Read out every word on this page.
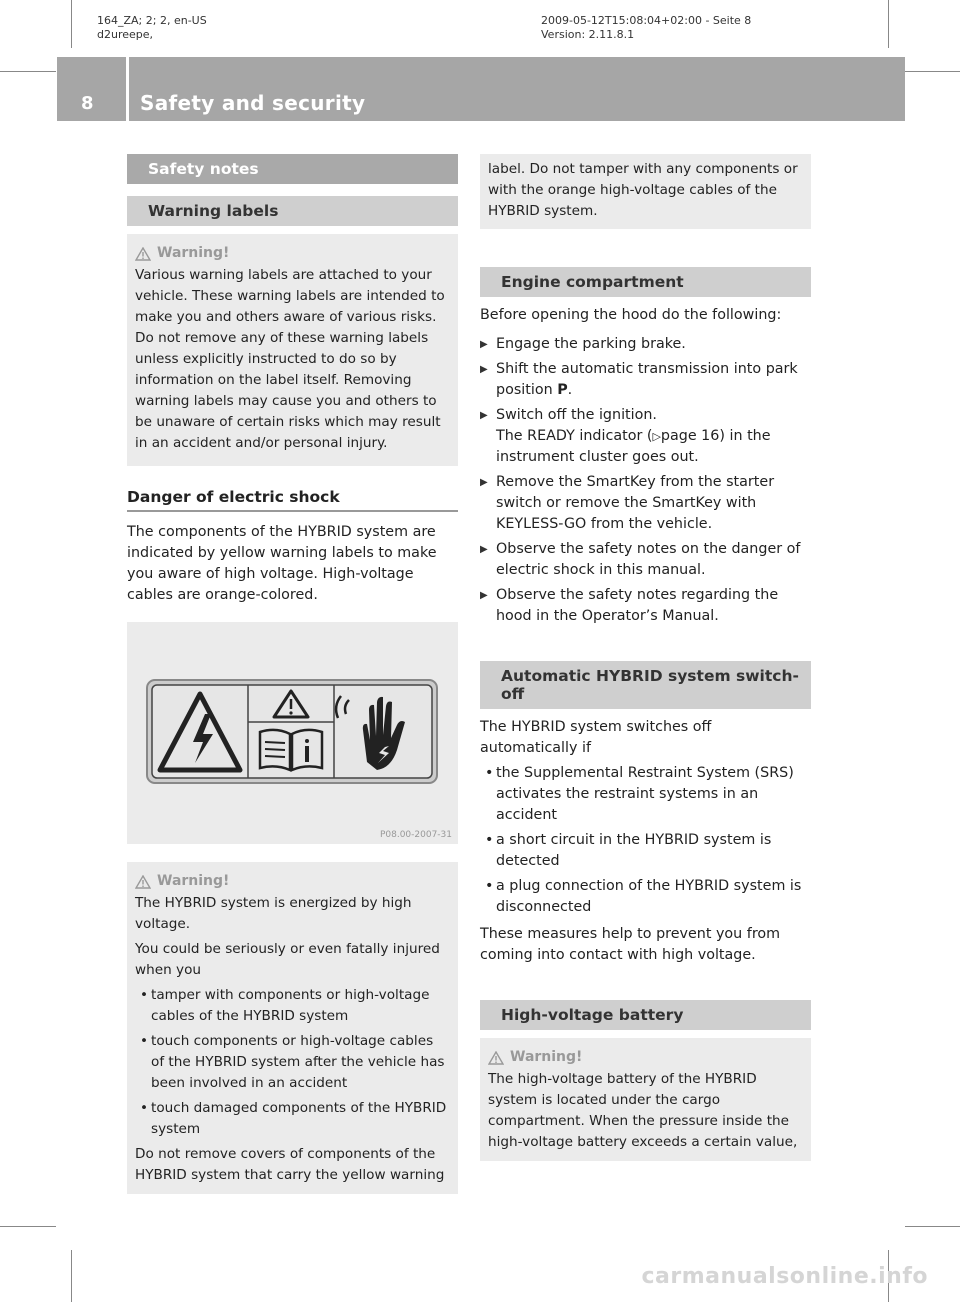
164_ZA; 2; 2, en-US
d2ureepe,
2009-05-12T15:08:04+02:00 - Seite 8
Version: 2.11.8.1
8 Safety and security
Safety notes
Warning labels
Warning!

Various warning labels are attached to your vehicle. These warning labels are intended to make you and others aware of various risks. Do not remove any of these warning labels unless explicitly instructed to do so by information on the label itself. Removing warning labels may cause you and others to be unaware of certain risks which may result in an accident and/or personal injury.

Danger of electric shock

The components of the HYBRID system are indicated by yellow warning labels to make you aware of high voltage. High-voltage cables are orange-colored.

P08.00-2007-31
Warning!

The HYBRID system is energized by high voltage.

You could be seriously or even fatally injured when you

• tamper with components or high-voltage cables of the HYBRID system
• touch components or high-voltage cables of the HYBRID system after the vehicle has been involved in an accident
• touch damaged components of the HYBRID system

Do not remove covers of components of the HYBRID system that carry the yellow warning

label. Do not tamper with any components or with the orange high-voltage cables of the HYBRID system.

Engine compartment

Before opening the hood do the following:

▶ Engage the parking brake.
▶ Shift the automatic transmission into park position P.
▶ Switch off the ignition.
The READY indicator (▷page 16) in the instrument cluster goes out.
▶ Remove the SmartKey from the starter switch or remove the SmartKey with KEYLESS-GO from the vehicle.
▶ Observe the safety notes on the danger of electric shock in this manual.
▶ Observe the safety notes regarding the hood in the Operator’s Manual.
Automatic HYBRID system switch-off

The HYBRID system switches off automatically if

• the Supplemental Restraint System (SRS) activates the restraint systems in an accident
• a short circuit in the HYBRID system is detected
• a plug connection of the HYBRID system is disconnected

These measures help to prevent you from coming into contact with high voltage.

High-voltage battery
Warning!

The high-voltage battery of the HYBRID system is located under the cargo compartment. When the pressure inside the high-voltage battery exceeds a certain value,

carmanualsonline.info
